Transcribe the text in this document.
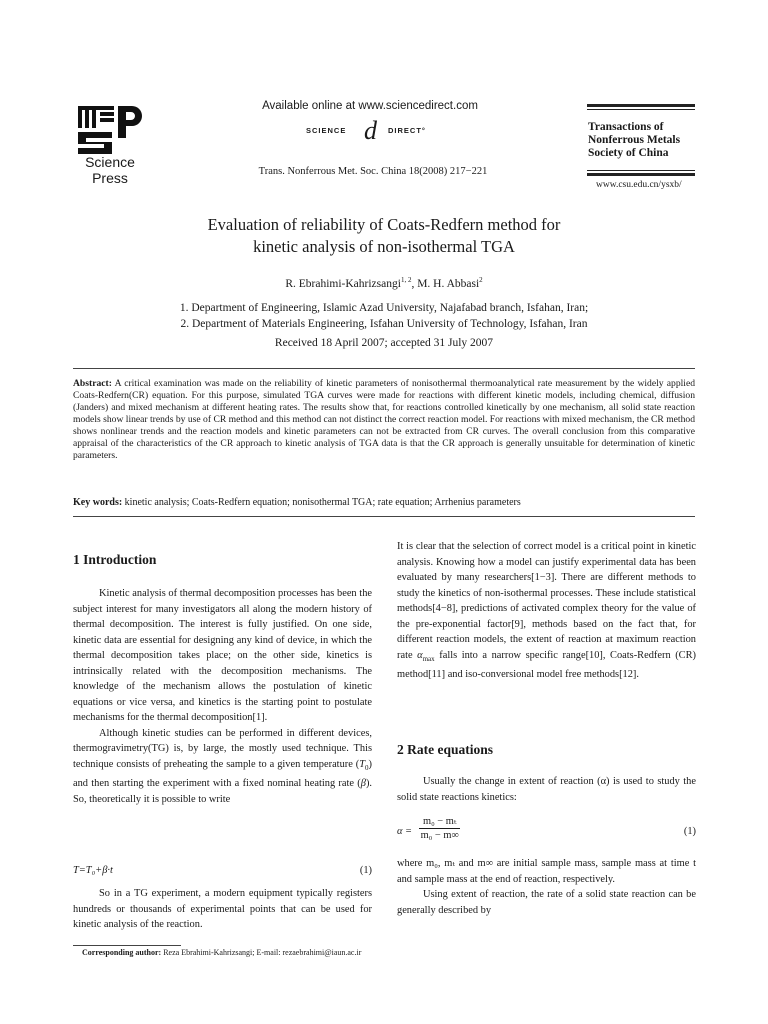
Science
Press
Available online at www.sciencedirect.com
SCIENCE d DIRECT°
Trans. Nonferrous Met. Soc. China 18(2008) 217−221
Transactions of
Nonferrous Metals
Society of China
www.csu.edu.cn/ysxb/
Evaluation of reliability of Coats-Redfern method for
kinetic analysis of non-isothermal TGA
R. Ebrahimi-Kahrizsangi$^{1, 2}$, M. H. Abbasi$^2$
1. Department of Engineering, Islamic Azad University, Najafabad branch, Isfahan, Iran;
2. Department of Materials Engineering, Isfahan University of Technology, Isfahan, Iran
Received 18 April 2007; accepted 31 July 2007
Abstract: A critical examination was made on the reliability of kinetic parameters of nonisothermal thermoanalytical rate measurement by the widely applied Coats-Redfern(CR) equation. For this purpose, simulated TGA curves were made for reactions with different kinetic models, including chemical, diffusion (Janders) and mixed mechanism at different heating rates. The results show that, for reactions controlled kinetically by one mechanism, all solid state reaction models show linear trends by use of CR method and this method can not distinct the correct reaction model. For reactions with mixed mechanism, the CR method shows nonlinear trends and the reaction models and kinetic parameters can not be extracted from CR curves. The overall conclusion from this comparative appraisal of the characteristics of the CR approach to kinetic analysis of TGA data is that the CR approach is generally unsuitable for determination of kinetic parameters.
Key words: kinetic analysis; Coats-Redfern equation; nonisothermal TGA; rate equation; Arrhenius parameters
1 Introduction

Kinetic analysis of thermal decomposition processes has been the subject interest for many investigators all along the modern history of thermal decomposition. The interest is fully justified. On one side, kinetic data are essential for designing any kind of device, in which the thermal decomposition takes place; on the other side, kinetics is intrinsically related with the decomposition mechanisms. The knowledge of the mechanism allows the postulation of kinetic equations or vice versa, and kinetics is the starting point to postulate mechanisms for the thermal decomposition[1].

Although kinetic studies can be performed in different devices, thermogravimetry(TG) is, by large, the mostly used technique. This technique consists of preheating the sample to a given temperature $(T_0)$ and then starting the experiment with a fixed nominal heating rate (β). So, theoretically it is possible to write

T=T₀+β·t	(1)

So in a TG experiment, a modern equipment typically registers hundreds or thousands of experimental points that can be used for kinetic analysis of the reaction.

It is clear that the selection of correct model is a critical point in kinetic analysis. Knowing how a model can justify experimental data has been evaluated by many researchers[1−3]. There are different methods to study the kinetics of non-isothermal processes. These include statistical methods[4−8], predictions of activated complex theory for the value of the pre-exponential factor[9], methods based on the fact that, for different reaction models, the extent of reaction at maximum reaction rate $\alpha_{max}$ falls into a narrow specific range[10], Coats-Redfern (CR) method[11] and iso-conversional model free methods[12].

2 Rate equations

Usually the change in extent of reaction (α) is used to study the solid state reactions kinetics:

$\alpha = \frac{\text{m₀ − mₜ}}{\text{m₀ − m∞}}$	(1)

where m₀, mₜ and m∞ are initial sample mass, sample mass at time t and sample mass at the end of reaction, respectively.

Using extent of reaction, the rate of a solid state reaction can be generally described by

Corresponding author: Reza Ebrahimi-Kahrizsangi; E-mail: rezaebrahimi@iaun.ac.ir
